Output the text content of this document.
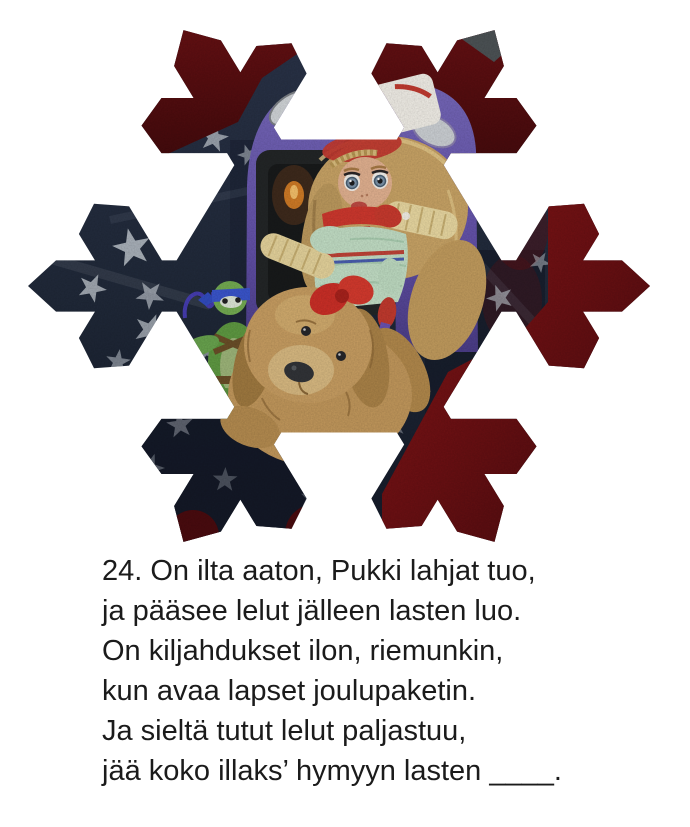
24. On ilta aaton, Pukki lahjat tuo,
ja pääsee lelut jälleen lasten luo.
On kiljahdukset ilon, riemunkin,
kun avaa lapset joulupaketin.
Ja sieltä tutut lelut paljastuu,
jää koko illaks’ hymyyn lasten ____.
